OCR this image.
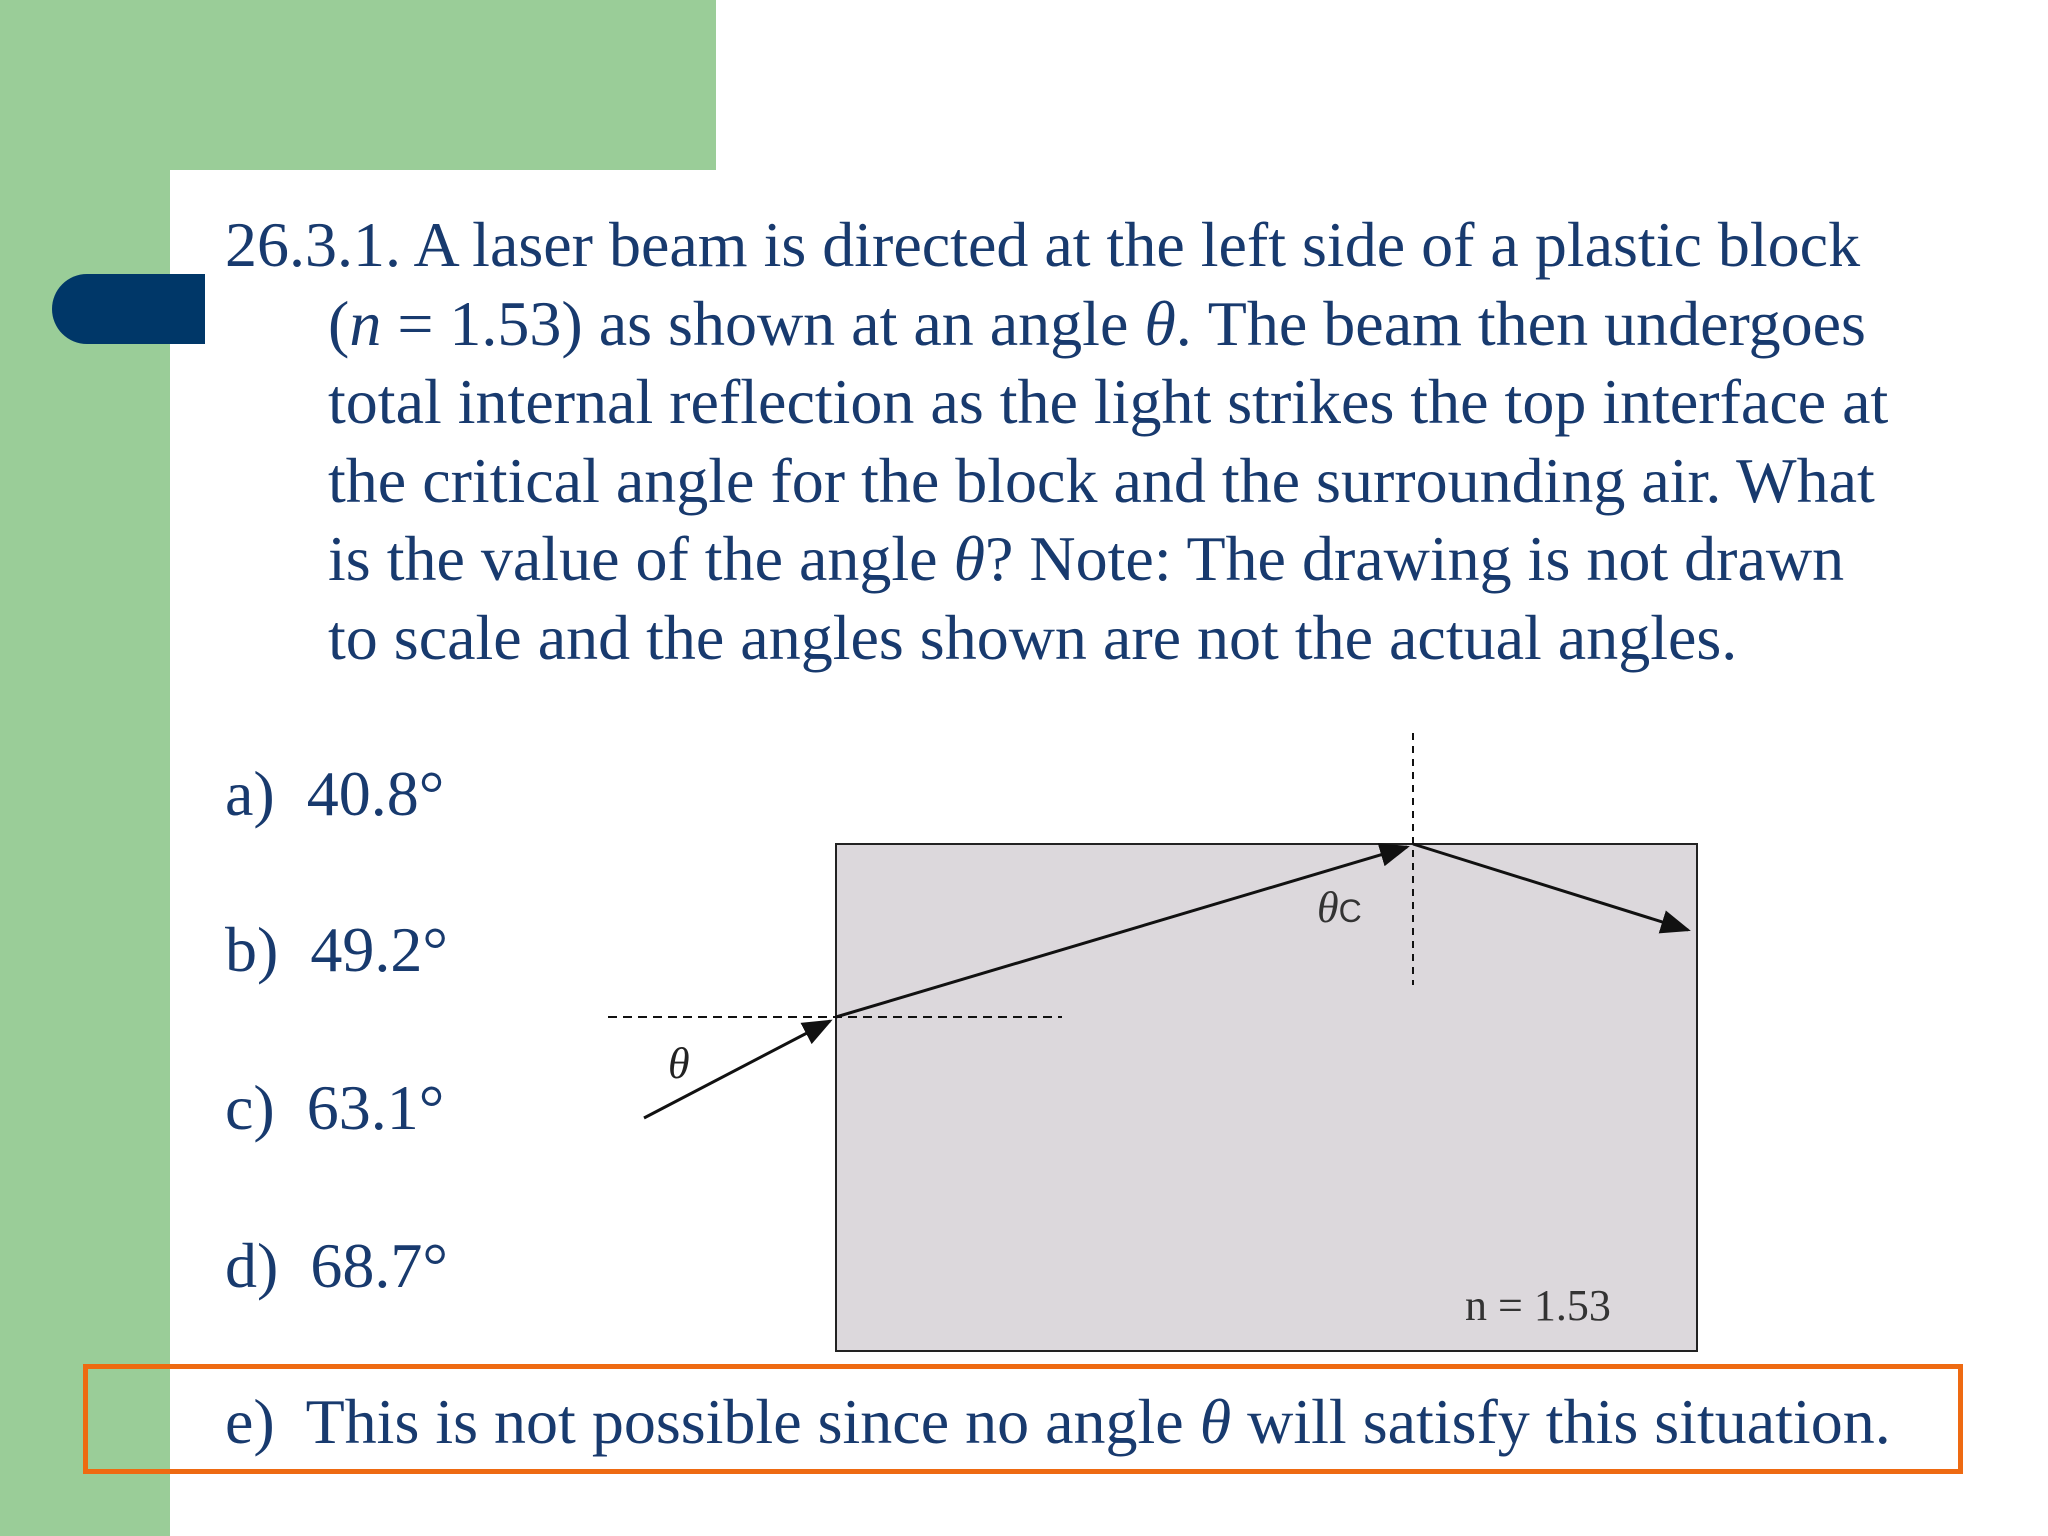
26.3.1. A laser beam is directed at the left side of a plastic block
(n = 1.53) as shown at an angle θ. The beam then undergoes
total internal reflection as the light strikes the top interface at
the critical angle for the block and the surrounding air. What
is the value of the angle θ? Note: The drawing is not drawn
to scale and the angles shown are not the actual angles.
a) 40.8°
b) 49.2°
c) 63.1°
d) 68.7°
e) This is not possible since no angle θ will satisfy this situation.
θ
θC
n = 1.53
